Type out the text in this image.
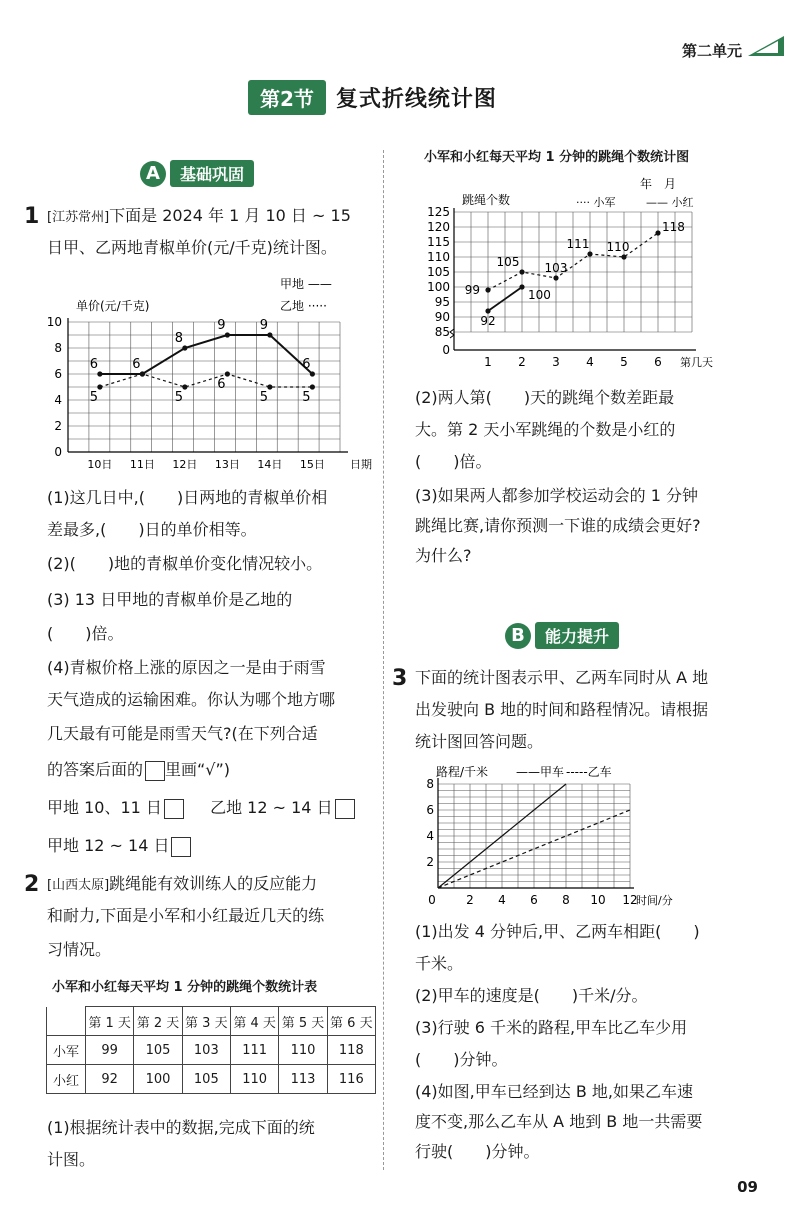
第二单元
第2节	复式折线统计图
A	基础巩固
1 [江苏常州]下面是 2024 年 1 月 10 日 ~ 15
日甲、乙两地青椒单价(元/千克)统计图。
0
2
4
6
8
10
10日 11日 12日 13日 14日 15日 日期
单价(元/千克)
甲地 ——
乙地 ·····
6	6
8
9	9
6
5	5
6
5	5
(1)这几日中,(　　)日两地的青椒单价相
差最多,(　　)日的单价相等。
(2)(　　)地的青椒单价变化情况较小。
(3) 13 日甲地的青椒单价是乙地的
(　　)倍。
(4)青椒价格上涨的原因之一是由于雨雪
天气造成的运输困难。你认为哪个地方哪
几天最有可能是雨雪天气?(在下列合适
的答案后面的 里画“√”)
甲地 10、11 日	乙地 12 ~ 14 日
甲地 12 ~ 14 日
2 [山西太原]跳绳能有效训练人的反应能力
和耐力,下面是小军和小红最近几天的练
习情况。
小军和小红每天平均 1 分钟的跳绳个数统计表
	第 1 天	第 2 天	第 3 天	第 4 天	第 5 天	第 6 天
小军	99	105	103	111	110	118
小红	92	100	105	110	113	116
(1)根据统计表中的数据,完成下面的统
计图。
小军和小红每天平均 1 分钟的跳绳个数统计图
0
85
90
95
100
105
110
115
120
125
1 2 3 4 5 6 第几天
跳绳个数
年　月
···· 小军	—— 小红
99
105 103
111 110
118
92
100
(2)两人第(　　)天的跳绳个数差距最
大。第 2 天小军跳绳的个数是小红的
(　　)倍。
(3)如果两人都参加学校运动会的 1 分钟
跳绳比赛,请你预测一下谁的成绩会更好?
为什么?
B	能力提升
3 下面的统计图表示甲、乙两车同时从 A 地
出发驶向 B 地的时间和路程情况。请根据
统计图回答问题。
2
4
6
8
0	2 4 6 8 10 12
时间/分
路程/千米 ——甲车 -----乙车
(1)出发 4 分钟后,甲、乙两车相距(　　)
千米。
(2)甲车的速度是(　　)千米/分。
(3)行驶 6 千米的路程,甲车比乙车少用
(　　)分钟。
(4)如图,甲车已经到达 B 地,如果乙车速
度不变,那么乙车从 A 地到 B 地一共需要
行驶(　　)分钟。
09
